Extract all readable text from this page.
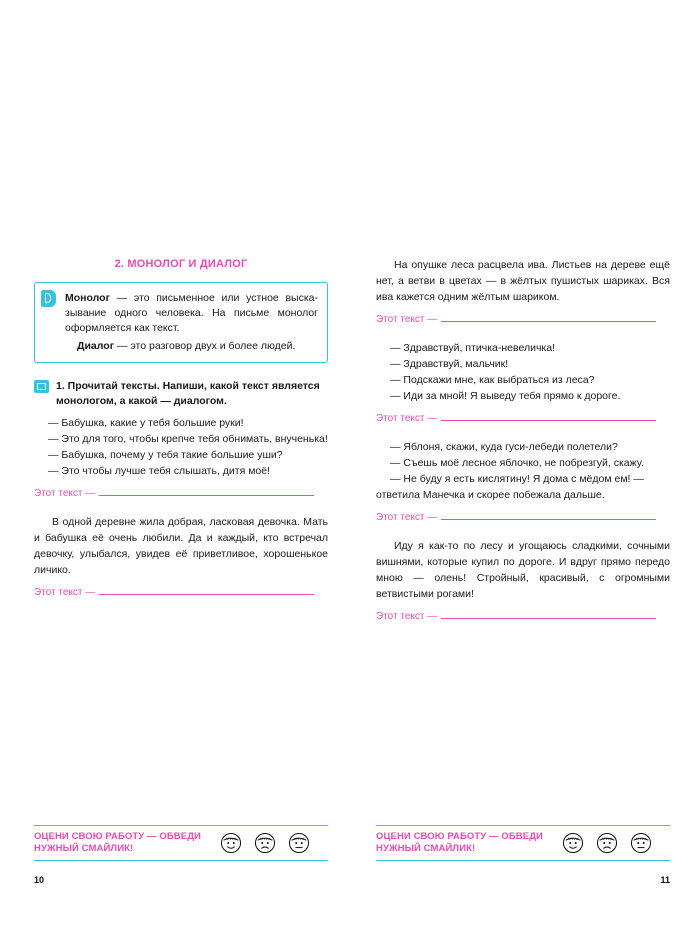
2. МОНОЛОГ И ДИАЛОГ

Монолог — это письменное или устное высказывание одного человека. На письме монолог оформляется как текст.

Диалог — это разговор двух и более людей.

1. Прочитай тексты. Напиши, какой текст является монологом, а какой — диалогом.

— Бабушка, какие у тебя большие руки!

— Это для того, чтобы крепче тебя обнимать, внученька!

— Бабушка, почему у тебя такие большие уши?

— Это чтобы лучше тебя слышать, дитя моё!

Этот текст —

В одной деревне жила добрая, ласковая девочка. Мать и бабушка её очень любили. Да и каждый, кто встречал девочку, улыбался, увидев её приветливое, хорошенькое личико.

Этот текст —
ОЦЕНИ СВОЮ РАБОТУ — ОБВЕДИ НУЖНЫЙ СМАЙЛИК!
10

На опушке леса расцвела ива. Листьев на дереве ещё нет, а ветви в цветах — в жёлтых пушистых шариках. Вся ива кажется одним жёлтым шариком.

Этот текст —

— Здравствуй, птичка-невеличка!

— Здравствуй, мальчик!

— Подскажи мне, как выбраться из леса?

— Иди за мной! Я выведу тебя прямо к дороге.

Этот текст —

— Яблоня, скажи, куда гуси-лебеди полетели?

— Съешь моё лесное яблочко, не побрезгуй, скажу.

— Не буду я есть кислятину! Я дома с мёдом ем! — ответила Манечка и скорее побежала дальше.

Этот текст —

Иду я как-то по лесу и угощаюсь сладкими, сочными вишнями, которые купил по дороге. И вдруг прямо передо мною — олень! Стройный, красивый, с огромными ветвистыми рогами!

Этот текст —
ОЦЕНИ СВОЮ РАБОТУ — ОБВЕДИ НУЖНЫЙ СМАЙЛИК!
11
